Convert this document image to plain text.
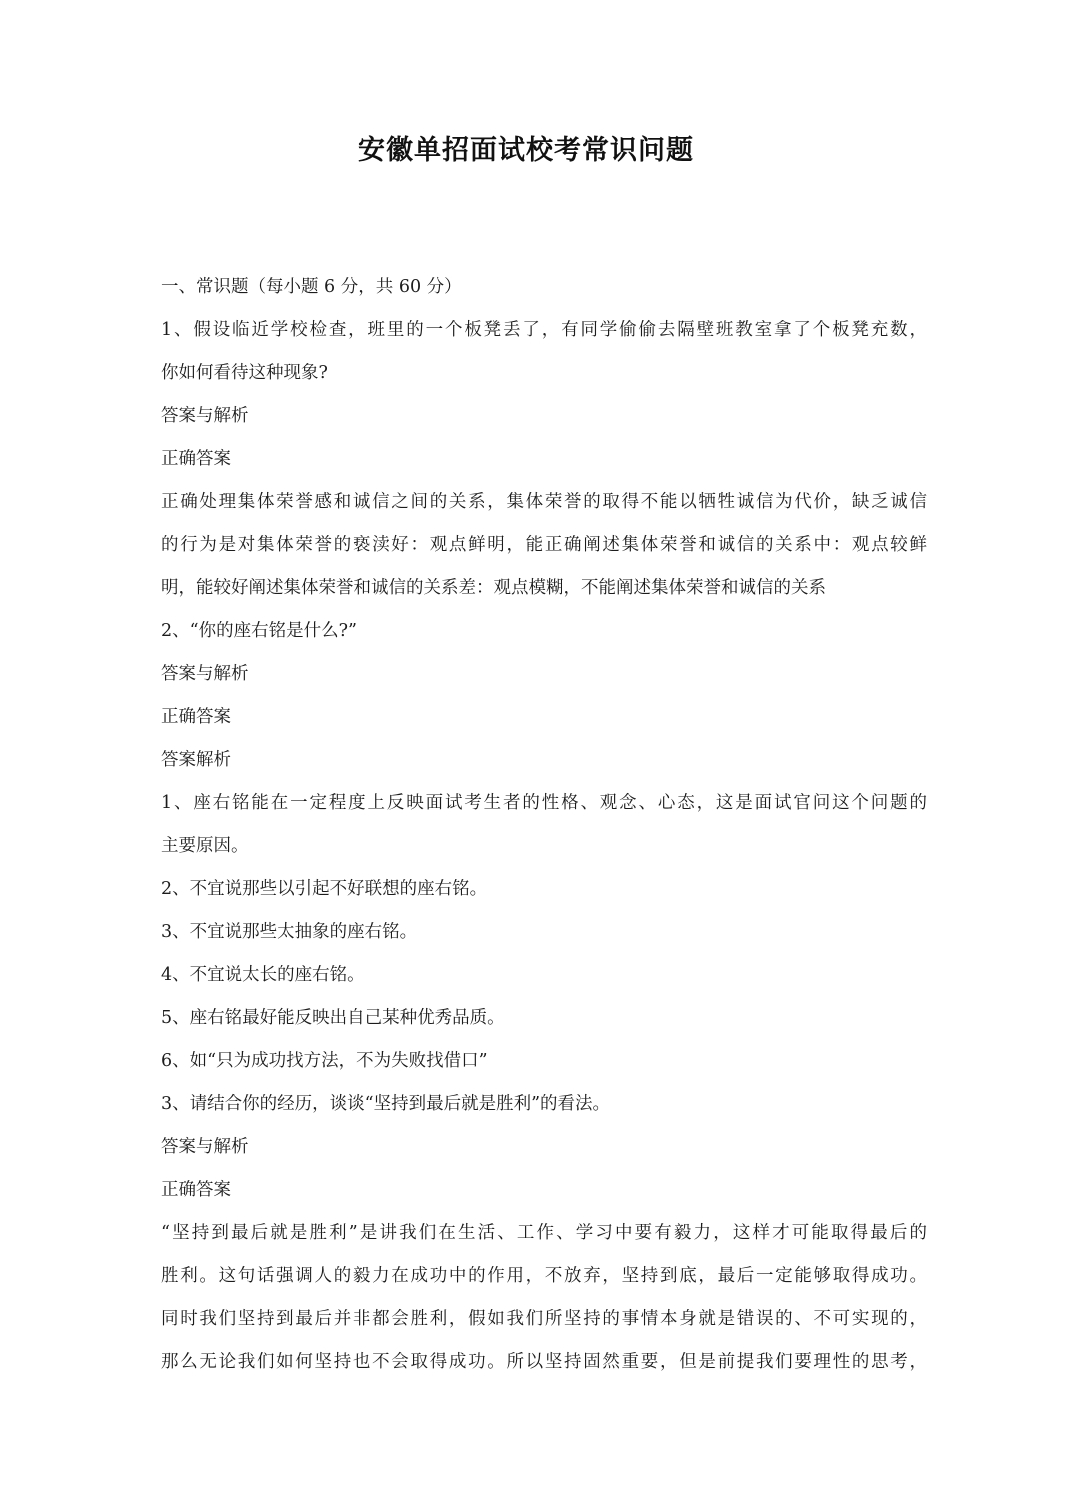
安徽单招面试校考常识问题
一、常识题（每小题 6 分，共 60 分）
1、假设临近学校检查，班里的一个板凳丢了，有同学偷偷去隔壁班教室拿了个板凳充数，
你如何看待这种现象?
答案与解析
正确答案
正确处理集体荣誉感和诚信之间的关系，集体荣誉的取得不能以牺牲诚信为代价，缺乏诚信
的行为是对集体荣誉的亵渎好：观点鲜明，能正确阐述集体荣誉和诚信的关系中：观点较鲜
明，能较好阐述集体荣誉和诚信的关系差：观点模糊，不能阐述集体荣誉和诚信的关系
2、“你的座右铭是什么?”
答案与解析
正确答案
答案解析
1、座右铭能在一定程度上反映面试考生者的性格、观念、心态，这是面试官问这个问题的
主要原因。
2、不宜说那些以引起不好联想的座右铭。
3、不宜说那些太抽象的座右铭。
4、不宜说太长的座右铭。
5、座右铭最好能反映出自己某种优秀品质。
6、如“只为成功找方法，不为失败找借口”
3、请结合你的经历，谈谈“坚持到最后就是胜利”的看法。
答案与解析
正确答案
“坚持到最后就是胜利”是讲我们在生活、工作、学习中要有毅力，这样才可能取得最后的
胜利。这句话强调人的毅力在成功中的作用，不放弃，坚持到底，最后一定能够取得成功。
同时我们坚持到最后并非都会胜利，假如我们所坚持的事情本身就是错误的、不可实现的，
那么无论我们如何坚持也不会取得成功。所以坚持固然重要，但是前提我们要理性的思考，
